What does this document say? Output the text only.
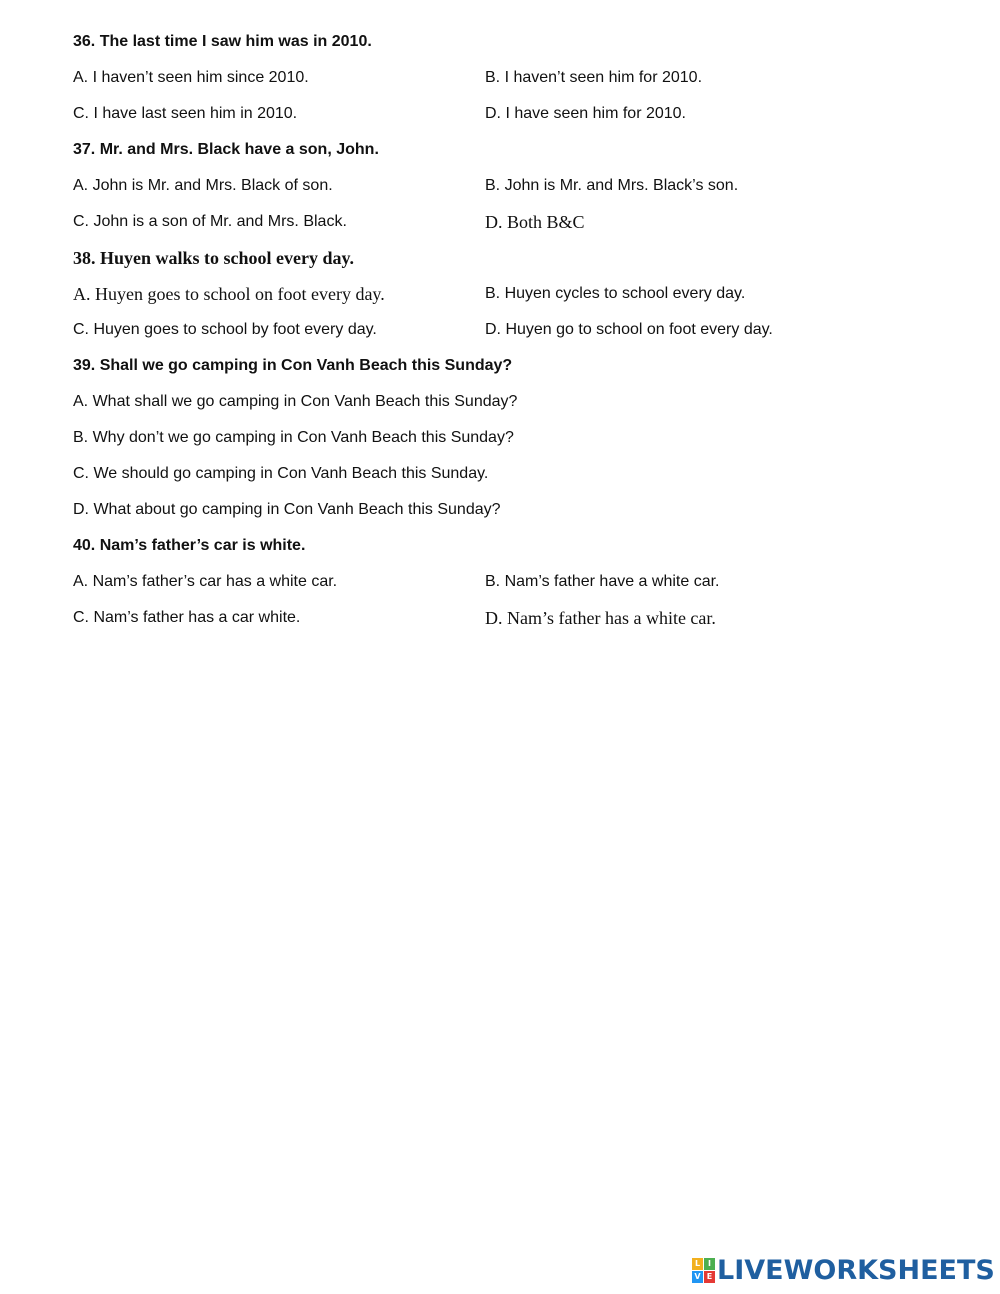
36. The last time I saw him was in 2010.
A. I haven’t seen him since 2010.	B. I haven’t seen him for 2010.
C. I have last seen him in 2010.	D. I have seen him for 2010.
37. Mr. and Mrs. Black have a son, John.
A. John is Mr. and Mrs. Black of son.	B. John is Mr. and Mrs. Black’s son.
C. John is a son of Mr. and Mrs. Black.	D. Both B&C
38. Huyen walks to school every day.
A. Huyen goes to school on foot every day.	B. Huyen cycles to school every day.
C. Huyen goes to school by foot every day.	D. Huyen go to school on foot every day.
39. Shall we go camping in Con Vanh Beach this Sunday?
A. What shall we go camping in Con Vanh Beach this Sunday?
B. Why don’t we go camping in Con Vanh Beach this Sunday?
C. We should go camping in Con Vanh Beach this Sunday.
D. What about go camping in Con Vanh Beach this Sunday?
40. Nam’s father’s car is white.
A. Nam’s father’s car has a white car.	B. Nam’s father have a white car.
C. Nam’s father has a car white.	D. Nam’s father has a white car.
L I
V E LIVEWORKSHEETS
